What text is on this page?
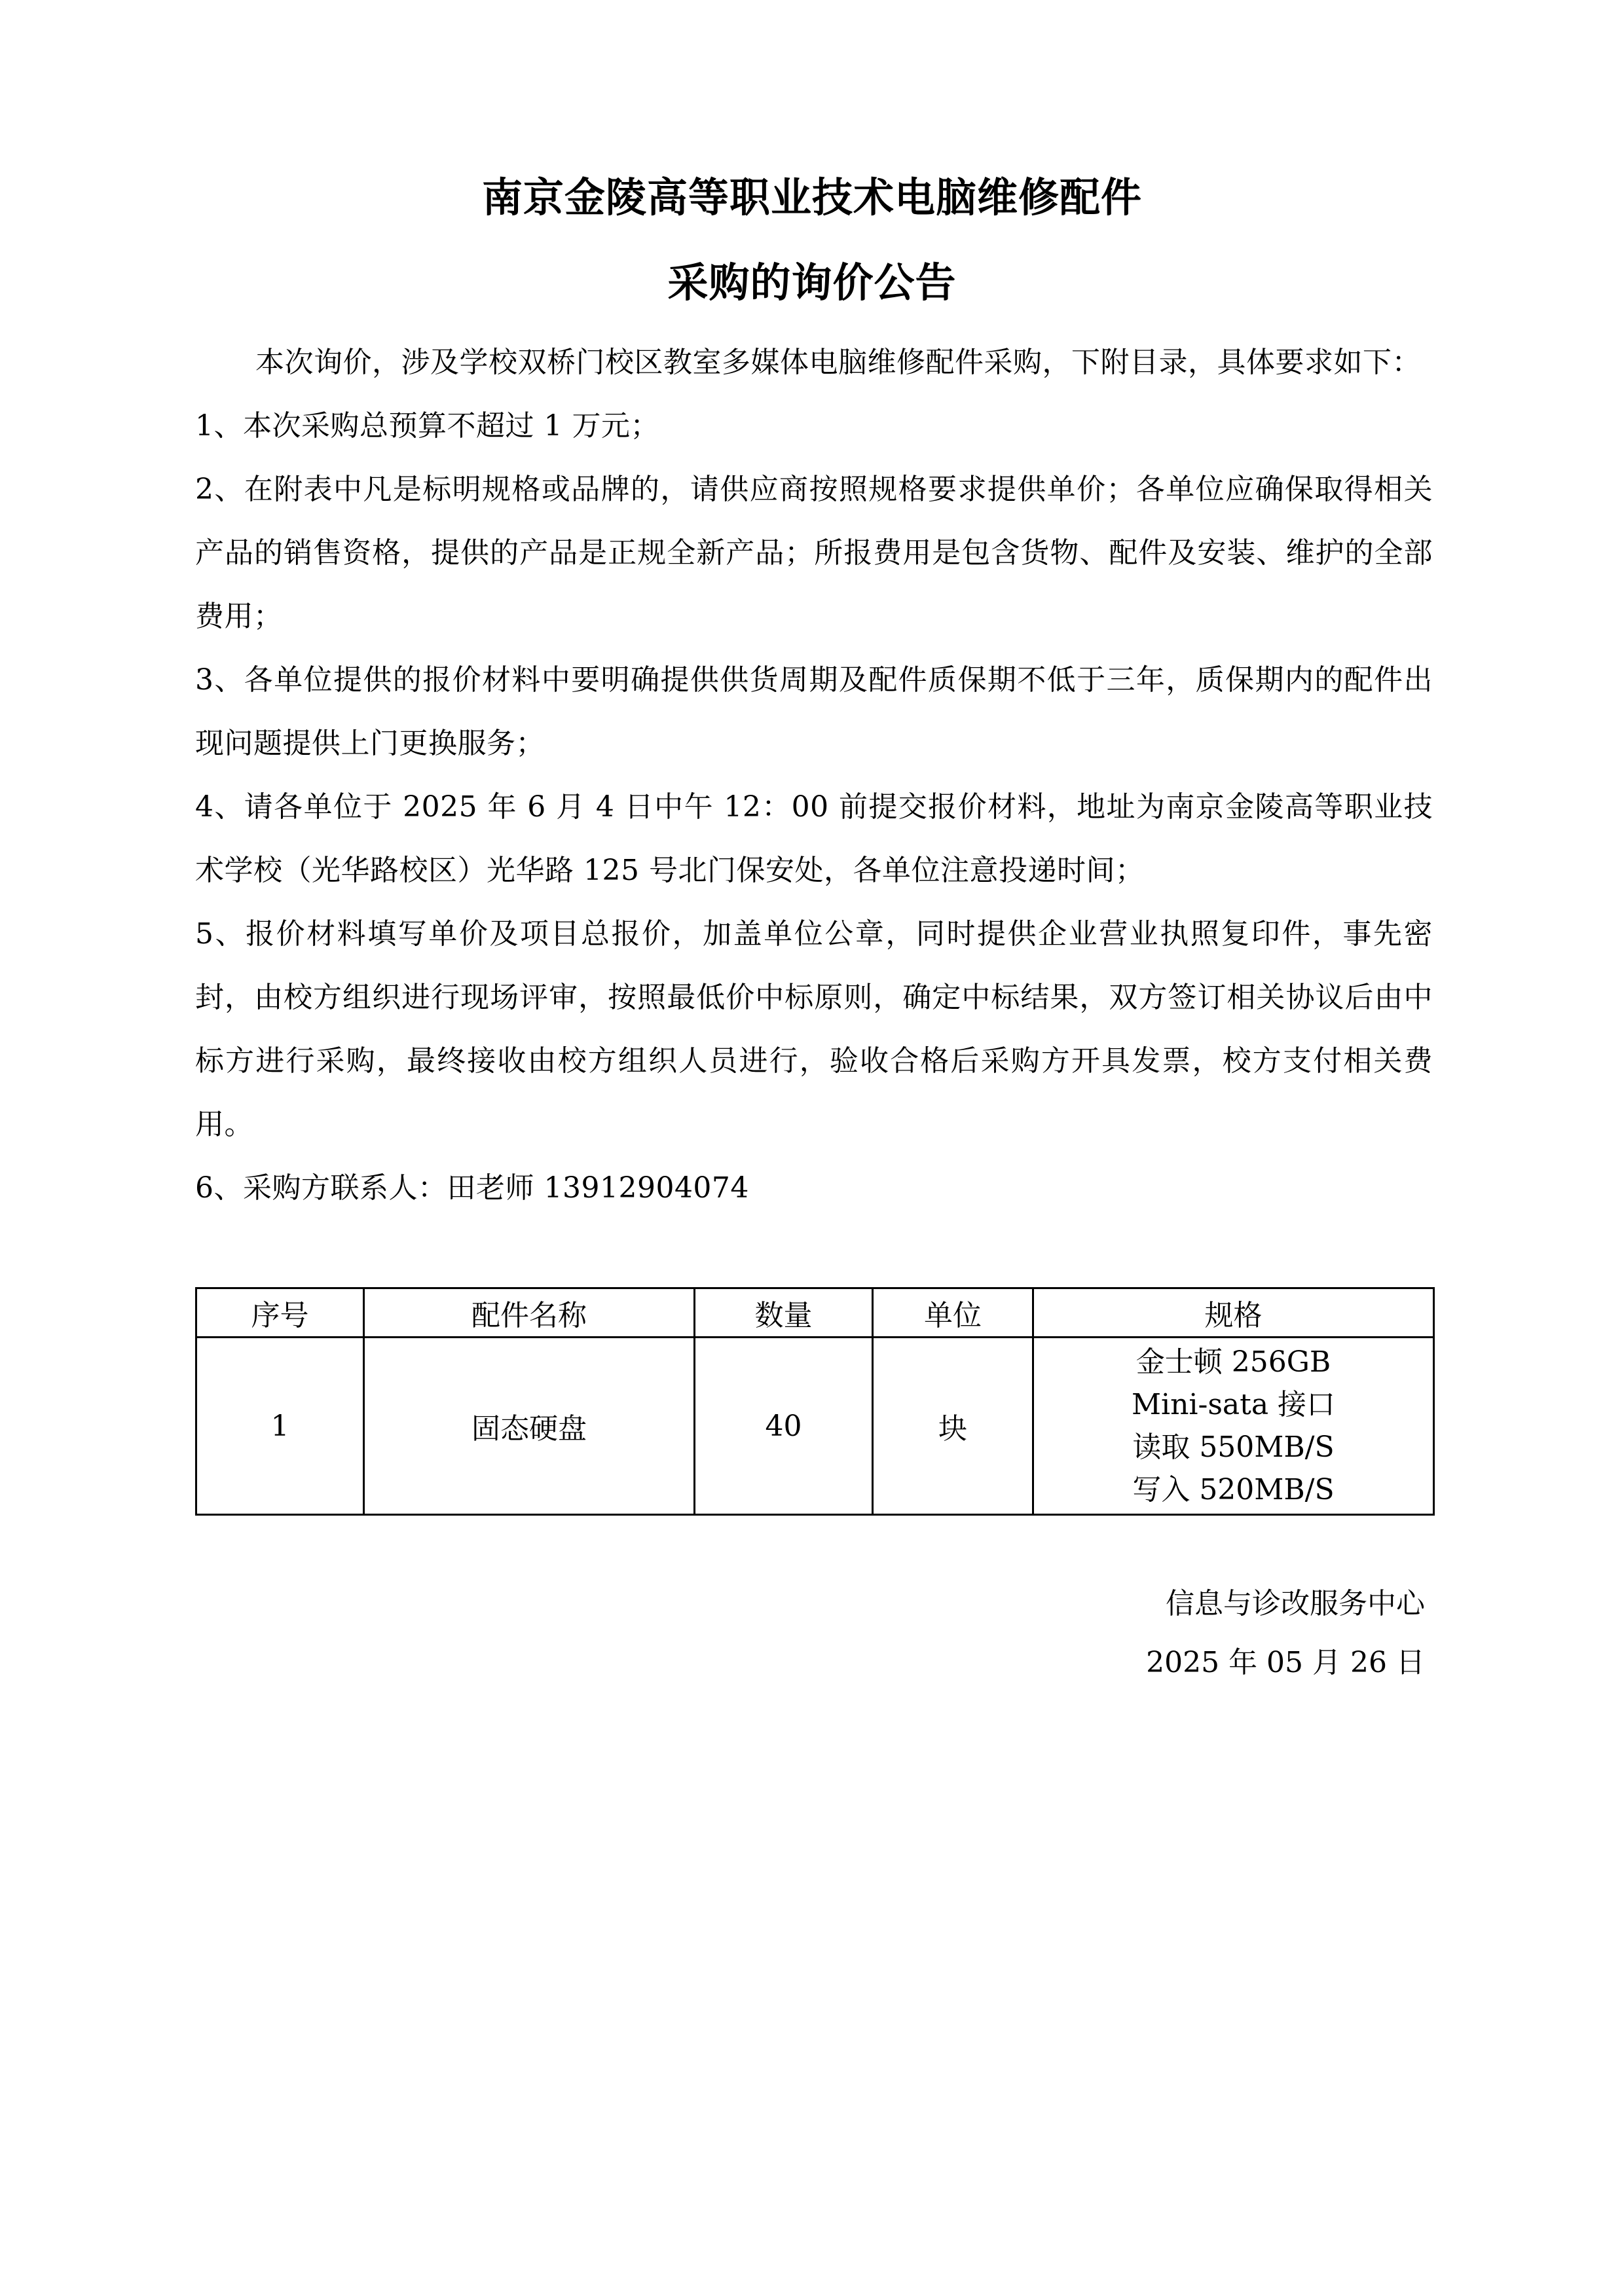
南京金陵高等职业技术电脑维修配件
采购的询价公告

本次询价，涉及学校双桥门校区教室多媒体电脑维修配件采购，下附目录，具体要求如下：

1、本次采购总预算不超过 1 万元；

2、在附表中凡是标明规格或品牌的，请供应商按照规格要求提供单价；各单位应确保取得相关产品的销售资格，提供的产品是正规全新产品；所报费用是包含货物、配件及安装、维护的全部费用；

3、各单位提供的报价材料中要明确提供供货周期及配件质保期不低于三年，质保期内的配件出现问题提供上门更换服务；

4、请各单位于 2025 年 6 月 4 日中午 12：00 前提交报价材料，地址为南京金陵高等职业技术学校（光华路校区）光华路 125 号北门保安处，各单位注意投递时间；

5、报价材料填写单价及项目总报价，加盖单位公章，同时提供企业营业执照复印件，事先密封，由校方组织进行现场评审，按照最低价中标原则，确定中标结果，双方签订相关协议后由中标方进行采购，最终接收由校方组织人员进行，验收合格后采购方开具发票，校方支付相关费用。

6、采购方联系人：田老师 13912904074

序号	配件名称	数量	单位	规格
1	固态硬盘	40	块	金士顿 256GB
Mini-sata 接口
读取 550MB/S
写入 520MB/S
信息与诊改服务中心
2025 年 05 月 26 日
